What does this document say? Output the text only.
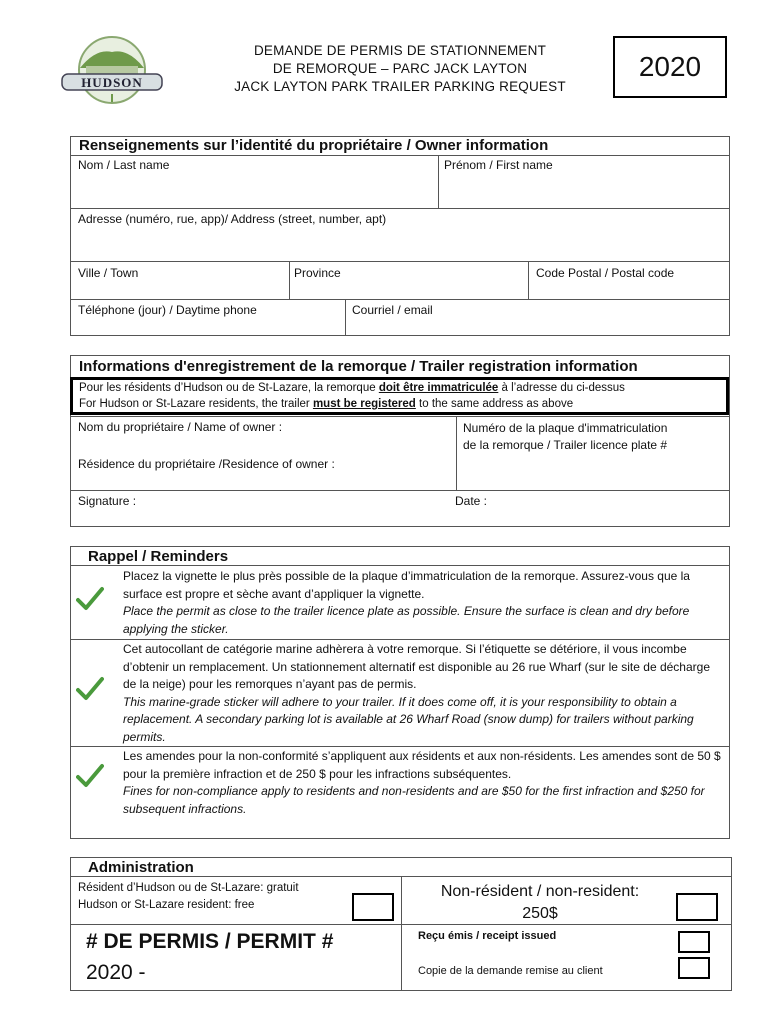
HUDSON
DEMANDE DE PERMIS DE STATIONNEMENT
DE REMORQUE – PARC JACK LAYTON
JACK LAYTON PARK TRAILER PARKING REQUEST
2020
Renseignements sur l’identité du propriétaire / Owner information
Nom / Last name	Prénom / First name
Adresse (numéro, rue, app)/ Address (street, number, apt)
Ville / Town	Province	Code Postal / Postal code
Téléphone (jour) / Daytime phone	Courriel / email
Informations d'enregistrement de la remorque / Trailer registration information
Nom du propriétaire / Name of owner :
Résidence du propriétaire /Residence of owner :
Numéro de la plaque d'immatriculation
de la remorque / Trailer licence plate #
Signature :	Date :
Pour les résidents d’Hudson ou de St-Lazare, la remorque doit être immatriculée à l’adresse du ci-dessus
For Hudson or St-Lazare residents, the trailer must be registered to the same address as above
Rappel / Reminders
Placez la vignette le plus près possible de la plaque d’immatriculation de la remorque. Assurez-vous que la surface est propre et sèche avant d’appliquer la vignette.
Place the permit as close to the trailer licence plate as possible. Ensure the surface is clean and dry before applying the sticker.
Cet autocollant de catégorie marine adhèrera à votre remorque. Si l’étiquette se détériore, il vous incombe d’obtenir un remplacement. Un stationnement alternatif est disponible au 26 rue Wharf (sur le site de décharge de la neige) pour les remorques n’ayant pas de permis.
This marine-grade sticker will adhere to your trailer. If it does come off, it is your responsibility to obtain a replacement. A secondary parking lot is available at 26 Wharf Road (snow dump) for trailers without parking permits.
Les amendes pour la non-conformité s’appliquent aux résidents et aux non-résidents. Les amendes sont de 50 $ pour la première infraction et de 250 $ pour les infractions subséquentes.
Fines for non-compliance apply to residents and non-residents and are $50 for the first infraction and $250 for subsequent infractions.
Administration
Résident d’Hudson ou de St-Lazare: gratuit
Hudson or St-Lazare resident: free
Non-résident / non-resident:
250$
# DE PERMIS / PERMIT #
2020 -
Reçu émis / receipt issued
Copie de la demande remise au client
